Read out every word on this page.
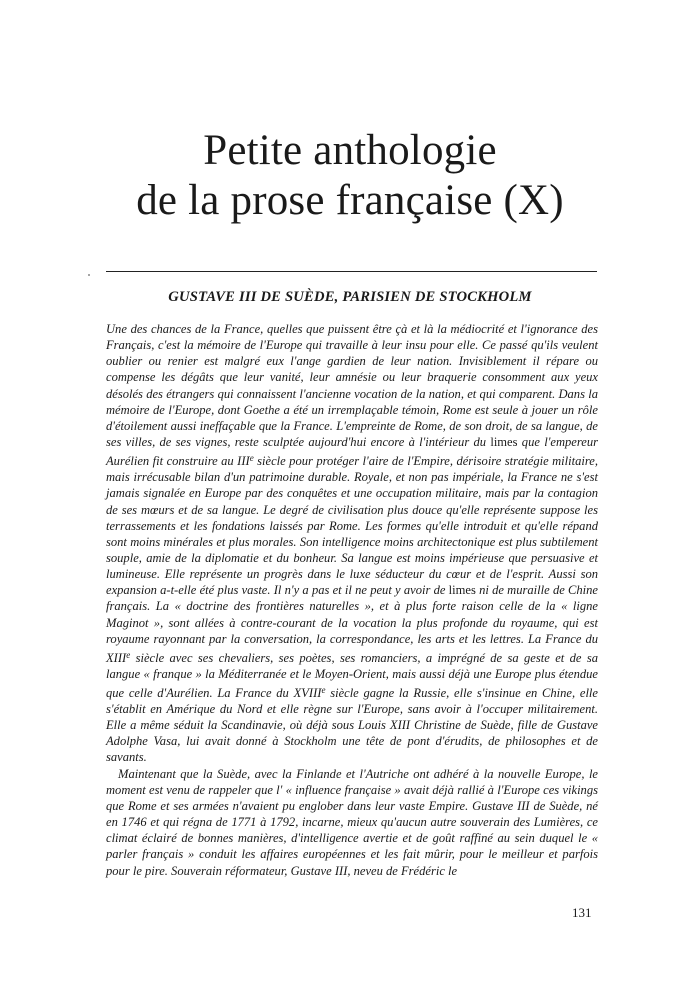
Petite anthologie
de la prose française (X)
GUSTAVE III DE SUÈDE, PARISIEN DE STOCKHOLM

Une des chances de la France, quelles que puissent être çà et là la médiocrité et l'ignorance des Français, c'est la mémoire de l'Europe qui travaille à leur insu pour elle. Ce passé qu'ils veulent oublier ou renier est malgré eux l'ange gardien de leur nation. Invisiblement il répare ou compense les dégâts que leur vanité, leur amnésie ou leur braquerie consomment aux yeux désolés des étrangers qui connaissent l'ancienne vocation de la nation, et qui comparent. Dans la mémoire de l'Europe, dont Goethe a été un irremplaçable témoin, Rome est seule à jouer un rôle d'étoilement aussi ineffaçable que la France. L'empreinte de Rome, de son droit, de sa langue, de ses villes, de ses vignes, reste sculptée aujourd'hui encore à l'intérieur du limes que l'empereur Aurélien fit construire au IIIe siècle pour protéger l'aire de l'Empire, dérisoire stratégie militaire, mais irrécusable bilan d'un patrimoine durable. Royale, et non pas impériale, la France ne s'est jamais signalée en Europe par des conquêtes et une occupation militaire, mais par la contagion de ses mœurs et de sa langue. Le degré de civilisation plus douce qu'elle représente suppose les terrassements et les fondations laissés par Rome. Les formes qu'elle introduit et qu'elle répand sont moins minérales et plus morales. Son intelligence moins architectonique est plus subtilement souple, amie de la diplomatie et du bonheur. Sa langue est moins impérieuse que persuasive et lumineuse. Elle représente un progrès dans le luxe séducteur du cœur et de l'esprit. Aussi son expansion a-t-elle été plus vaste. Il n'y a pas et il ne peut y avoir de limes ni de muraille de Chine français. La « doctrine des frontières naturelles », et à plus forte raison celle de la « ligne Maginot », sont allées à contre-courant de la vocation la plus profonde du royaume, qui est royaume rayonnant par la conversation, la correspondance, les arts et les lettres. La France du XIIIe siècle avec ses chevaliers, ses poètes, ses romanciers, a imprégné de sa geste et de sa langue « franque » la Méditerranée et le Moyen-Orient, mais aussi déjà une Europe plus étendue que celle d'Aurélien. La France du XVIIIe siècle gagne la Russie, elle s'insinue en Chine, elle s'établit en Amérique du Nord et elle règne sur l'Europe, sans avoir à l'occuper militairement. Elle a même séduit la Scandinavie, où déjà sous Louis XIII Christine de Suède, fille de Gustave Adolphe Vasa, lui avait donné à Stockholm une tête de pont d'érudits, de philosophes et de savants.

Maintenant que la Suède, avec la Finlande et l'Autriche ont adhéré à la nouvelle Europe, le moment est venu de rappeler que l' « influence française » avait déjà rallié à l'Europe ces vikings que Rome et ses armées n'avaient pu englober dans leur vaste Empire. Gustave III de Suède, né en 1746 et qui régna de 1771 à 1792, incarne, mieux qu'aucun autre souverain des Lumières, ce climat éclairé de bonnes manières, d'intelligence avertie et de goût raffiné au sein duquel le « parler français » conduit les affaires européennes et les fait mûrir, pour le meilleur et parfois pour le pire. Souverain réformateur, Gustave III, neveu de Frédéric le

131
